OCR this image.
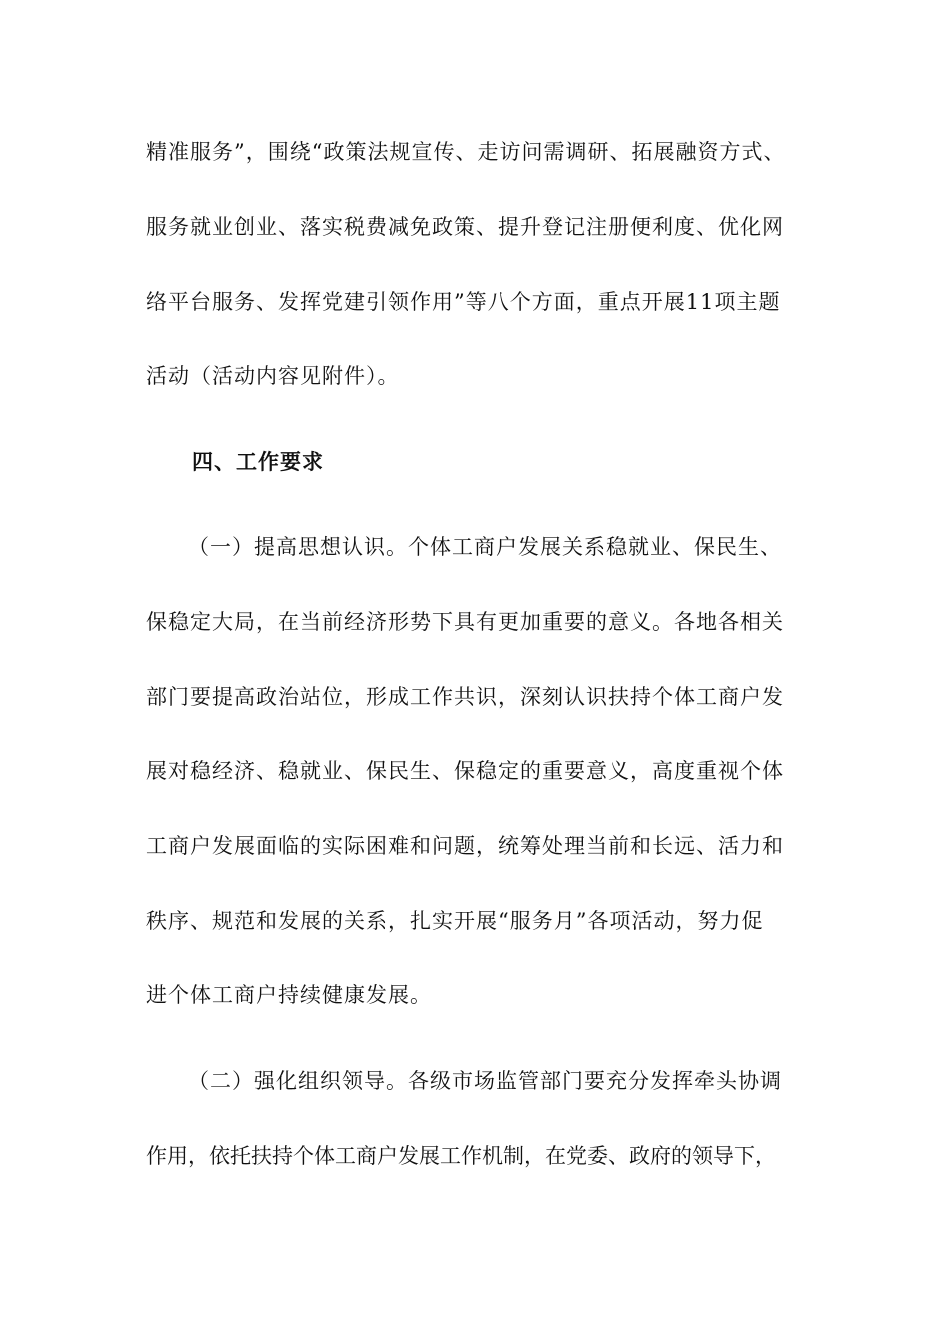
精准服务”，围绕“政策法规宣传、走访问需调研、拓展融资方式、
服务就业创业、落实税费减免政策、提升登记注册便利度、优化网
络平台服务、发挥党建引领作用”等八个方面，重点开展11项主题
活动（活动内容见附件）。
四、工作要求
（一）提高思想认识。个体工商户发展关系稳就业、保民生、
保稳定大局，在当前经济形势下具有更加重要的意义。各地各相关
部门要提高政治站位，形成工作共识，深刻认识扶持个体工商户发
展对稳经济、稳就业、保民生、保稳定的重要意义，高度重视个体
工商户发展面临的实际困难和问题，统筹处理当前和长远、活力和
秩序、规范和发展的关系，扎实开展“服务月”各项活动，努力促
进个体工商户持续健康发展。
（二）强化组织领导。各级市场监管部门要充分发挥牵头协调
作用，依托扶持个体工商户发展工作机制，在党委、政府的领导下，
